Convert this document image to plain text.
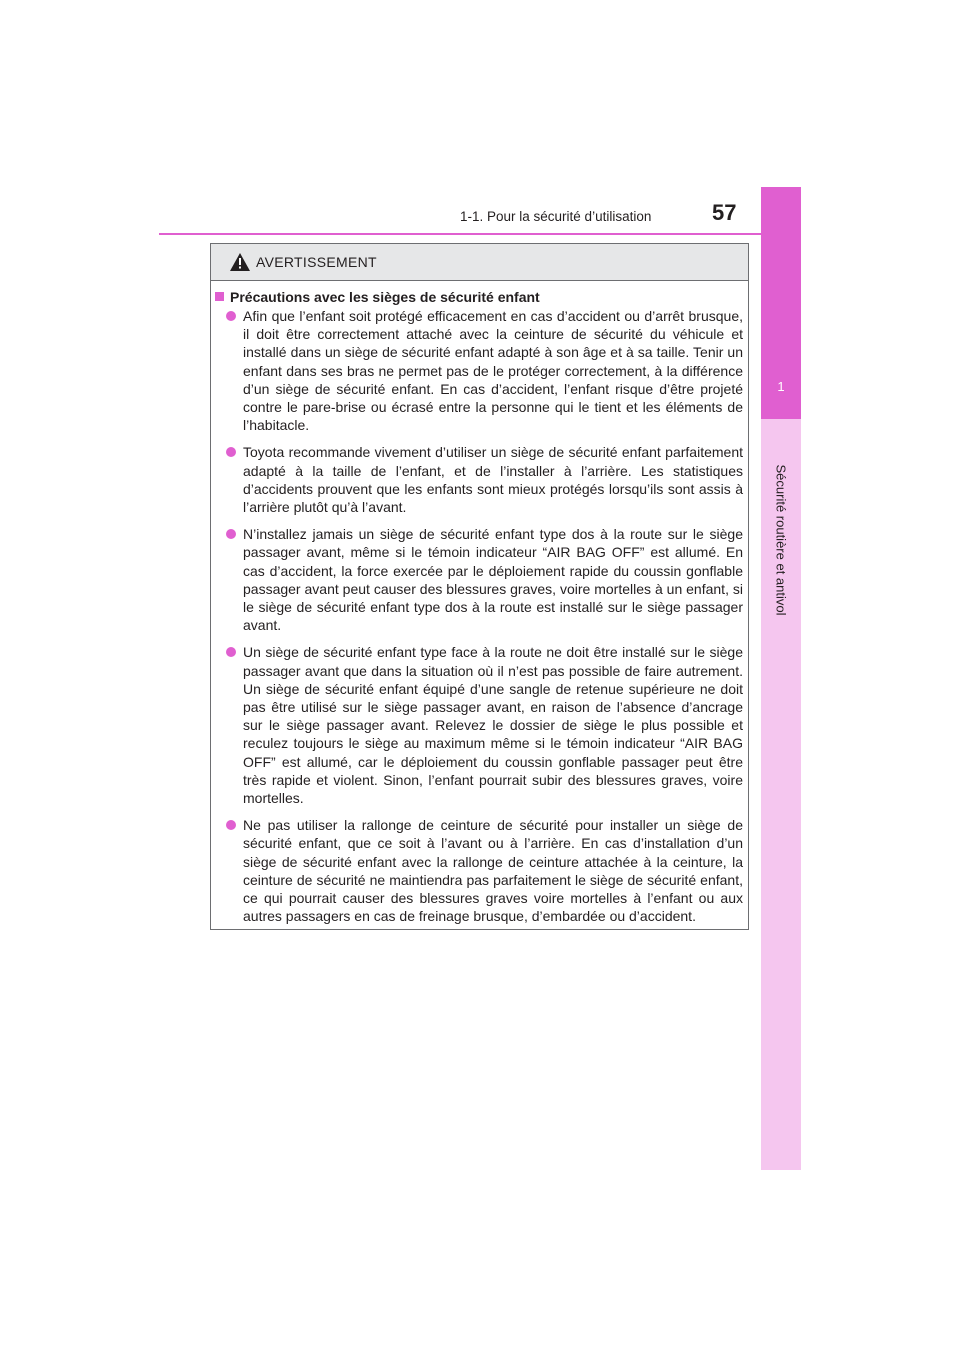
1
Sécurité routière et antivol
1-1. Pour la sécurité d’utilisation	57
AVERTISSEMENT
Précautions avec les sièges de sécurité enfant

Afin que l’enfant soit protégé efficacement en cas d’accident ou d’arrêt brusque, il doit être correctement attaché avec la ceinture de sécurité du véhicule et installé dans un siège de sécurité enfant adapté à son âge et à sa taille. Tenir un enfant dans ses bras ne permet pas de le protéger correctement, à la différence d’un siège de sécurité enfant. En cas d’accident, l’enfant risque d’être projeté contre le pare-brise ou écrasé entre la personne qui le tient et les éléments de l’habitacle.

Toyota recommande vivement d’utiliser un siège de sécurité enfant parfaitement adapté à la taille de l’enfant, et de l’installer à l’arrière. Les statistiques d’accidents prouvent que les enfants sont mieux protégés lorsqu’ils sont assis à l’arrière plutôt qu’à l’avant.

N’installez jamais un siège de sécurité enfant type dos à la route sur le siège passager avant, même si le témoin indicateur “AIR BAG OFF” est allumé. En cas d’accident, la force exercée par le déploiement rapide du coussin gonflable passager avant peut causer des blessures graves, voire mortelles à un enfant, si le siège de sécurité enfant type dos à la route est installé sur le siège passager avant.

Un siège de sécurité enfant type face à la route ne doit être installé sur le siège passager avant que dans la situation où il n’est pas possible de faire autrement. Un siège de sécurité enfant équipé d’une sangle de retenue supérieure ne doit pas être utilisé sur le siège passager avant, en raison de l’absence d’ancrage sur le siège passager avant. Relevez le dossier de siège le plus possible et reculez toujours le siège au maximum même si le témoin indicateur “AIR BAG OFF” est allumé, car le déploiement du coussin gonflable passager peut être très rapide et violent. Sinon, l’enfant pourrait subir des blessures graves, voire mortelles.

Ne pas utiliser la rallonge de ceinture de sécurité pour installer un siège de sécurité enfant, que ce soit à l’avant ou à l’arrière. En cas d’installation d’un siège de sécurité enfant avec la rallonge de ceinture attachée à la ceinture, la ceinture de sécurité ne maintiendra pas parfaitement le siège de sécurité enfant, ce qui pourrait causer des blessures graves voire mortelles à l’enfant ou aux autres passagers en cas de freinage brusque, d’embardée ou d’accident.
